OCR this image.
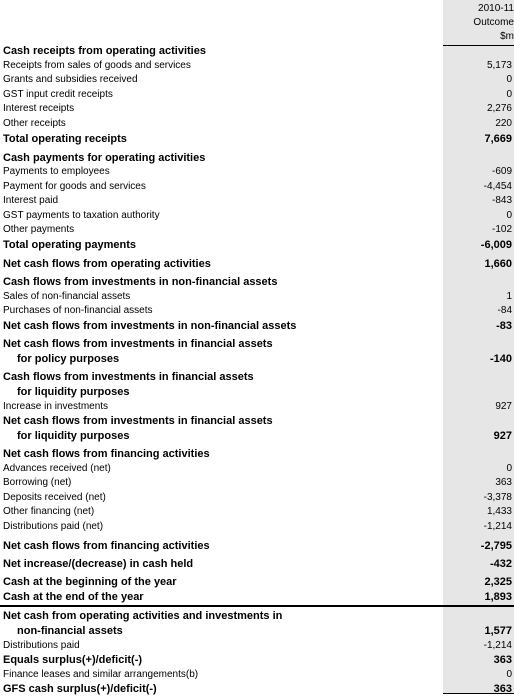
2010-11
Outcome
$m
Cash receipts from operating activities
Receipts from sales of goods and services	5,173
Grants and subsidies received	0
GST input credit receipts	0
Interest receipts	2,276
Other receipts	220
Total operating receipts	7,669
Cash payments for operating activities
Payments to employees	-609
Payment for goods and services	-4,454
Interest paid	-843
GST payments to taxation authority	0
Other payments	-102
Total operating payments	-6,009
Net cash flows from operating activities	1,660
Cash flows from investments in non-financial assets
Sales of non-financial assets	1
Purchases of non-financial assets	-84
Net cash flows from investments in non-financial assets	-83
Net cash flows from investments in financial assets
for policy purposes	-140
Cash flows from investments in financial assets
for liquidity purposes
Increase in investments	927
Net cash flows from investments in financial assets
for liquidity purposes	927
Net cash flows from financing activities
Advances received (net)	0
Borrowing (net)	363
Deposits received (net)	-3,378
Other financing (net)	1,433
Distributions paid (net)	-1,214
Net cash flows from financing activities	-2,795
Net increase/(decrease) in cash held	-432
Cash at the beginning of the year	2,325
Cash at the end of the year	1,893
Net cash from operating activities and investments in
non-financial assets	1,577
Distributions paid	-1,214
Equals surplus(+)/deficit(-)	363
Finance leases and similar arrangements(b)	0
GFS cash surplus(+)/deficit(-)	363
